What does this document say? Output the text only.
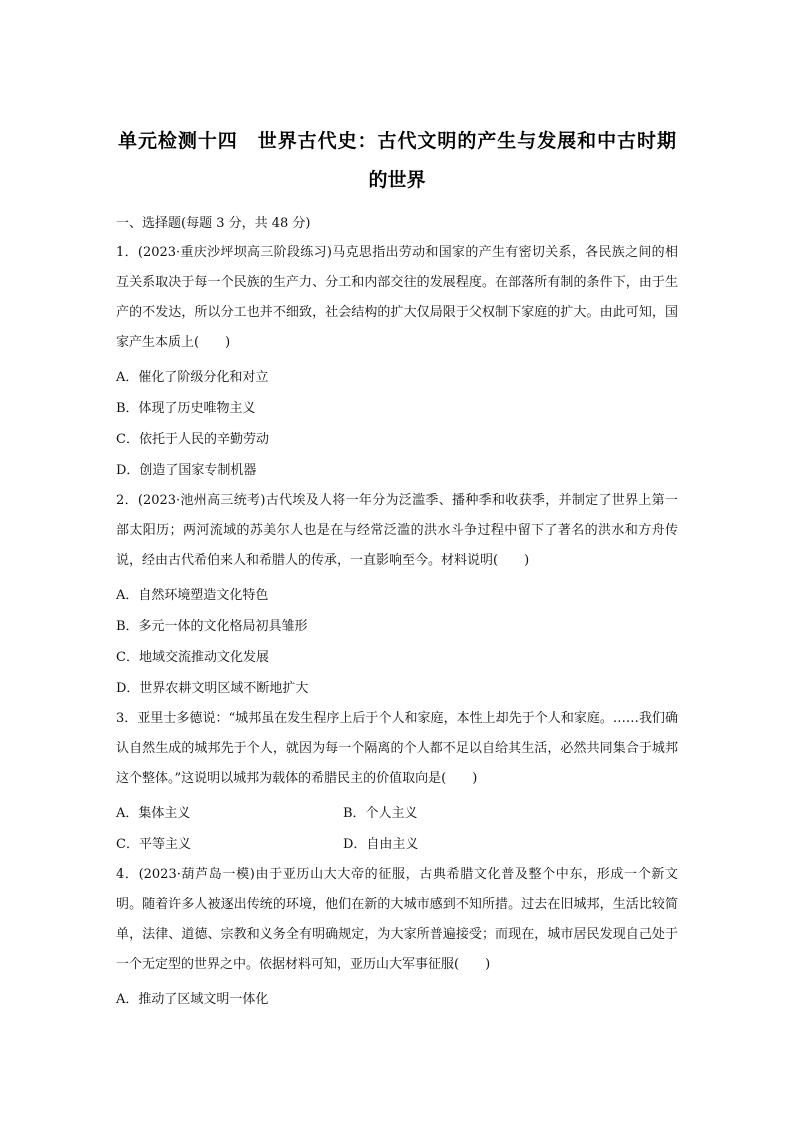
单元检测十四　世界古代史：古代文明的产生与发展和中古时期
的世界
一、选择题(每题 3 分，共 48 分)
1．(2023·重庆沙坪坝高三阶段练习)马克思指出劳动和国家的产生有密切关系，各民族之间的相互关系取决于每一个民族的生产力、分工和内部交往的发展程度。在部落所有制的条件下，由于生产的不发达，所以分工也并不细致，社会结构的扩大仅局限于父权制下家庭的扩大。由此可知，国家产生本质上(　　)
A．催化了阶级分化和对立
B．体现了历史唯物主义
C．依托于人民的辛勤劳动
D．创造了国家专制机器
2．(2023·池州高三统考)古代埃及人将一年分为泛滥季、播种季和收获季，并制定了世界上第一部太阳历；两河流域的苏美尔人也是在与经常泛滥的洪水斗争过程中留下了著名的洪水和方舟传说，经由古代希伯来人和希腊人的传承，一直影响至今。材料说明(　　)
A．自然环境塑造文化特色
B．多元一体的文化格局初具雏形
C．地域交流推动文化发展
D．世界农耕文明区域不断地扩大
3．亚里士多德说：“城邦虽在发生程序上后于个人和家庭，本性上却先于个人和家庭。……我们确认自然生成的城邦先于个人，就因为每一个隔离的个人都不足以自给其生活，必然共同集合于城邦这个整体。”这说明以城邦为载体的希腊民主的价值取向是(　　)
A．集体主义	B．个人主义
C．平等主义	D．自由主义
4．(2023·葫芦岛一模)由于亚历山大大帝的征服，古典希腊文化普及整个中东，形成一个新文明。随着许多人被逐出传统的环境，他们在新的大城市感到不知所措。过去在旧城邦，生活比较简单，法律、道德、宗教和义务全有明确规定，为大家所普遍接受；而现在，城市居民发现自己处于一个无定型的世界之中。依据材料可知，亚历山大军事征服(　　)
A．推动了区域文明一体化
